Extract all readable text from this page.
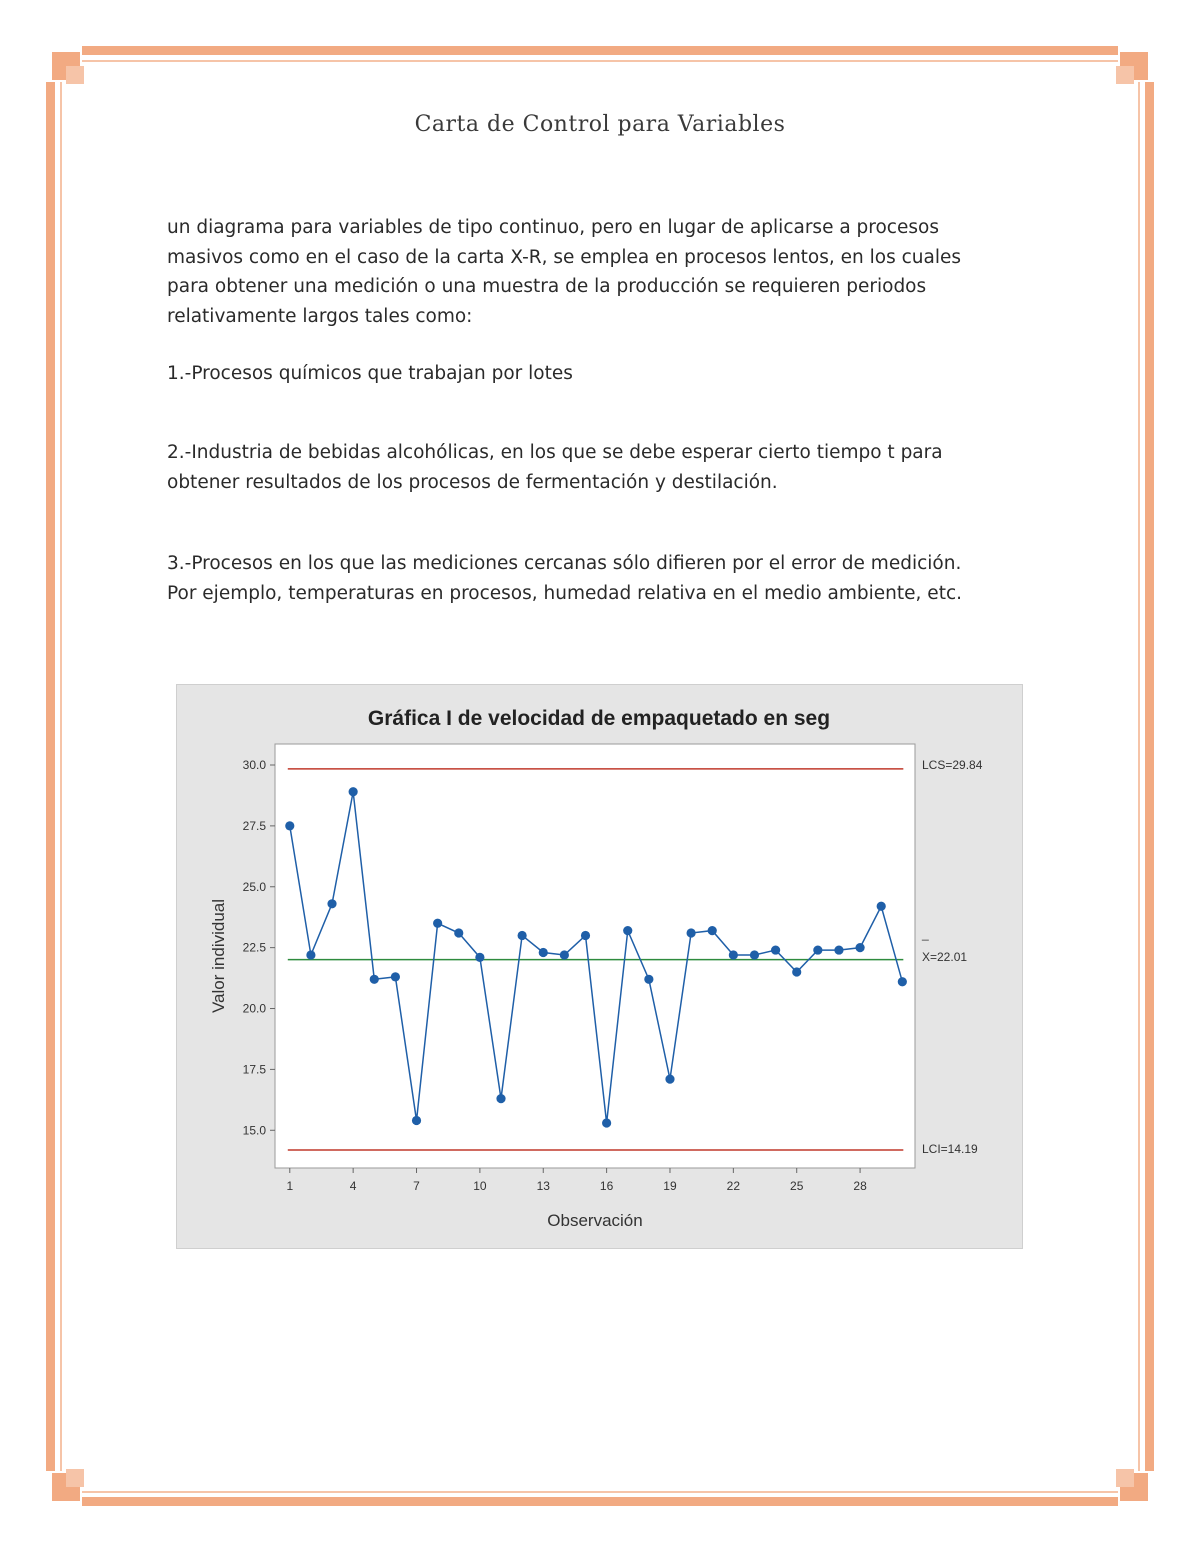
Carta de Control para Variables
un diagrama para variables de tipo continuo, pero en lugar de aplicarse a procesos
masivos como en el caso de la carta X-R, se emplea en procesos lentos, en los cuales
para obtener una medición o una muestra de la producción se requieren periodos
relativamente largos tales como:
1.-Procesos químicos que trabajan por lotes
2.-Industria de bebidas alcohólicas, en los que se debe esperar cierto tiempo t para
obtener resultados de los procesos de fermentación y destilación.
3.-Procesos en los que las mediciones cercanas sólo difieren por el error de medición.
Por ejemplo, temperaturas en procesos, humedad relativa en el medio ambiente, etc.
Gráfica I de velocidad de empaquetado en seg
15.0
17.5
20.0
22.5
25.0
27.5
30.0
1	4	7	10	13	16	19	22	25	28
LCS=29.84
_
X=22.01
LCI=14.19
Observación
Valor individual
